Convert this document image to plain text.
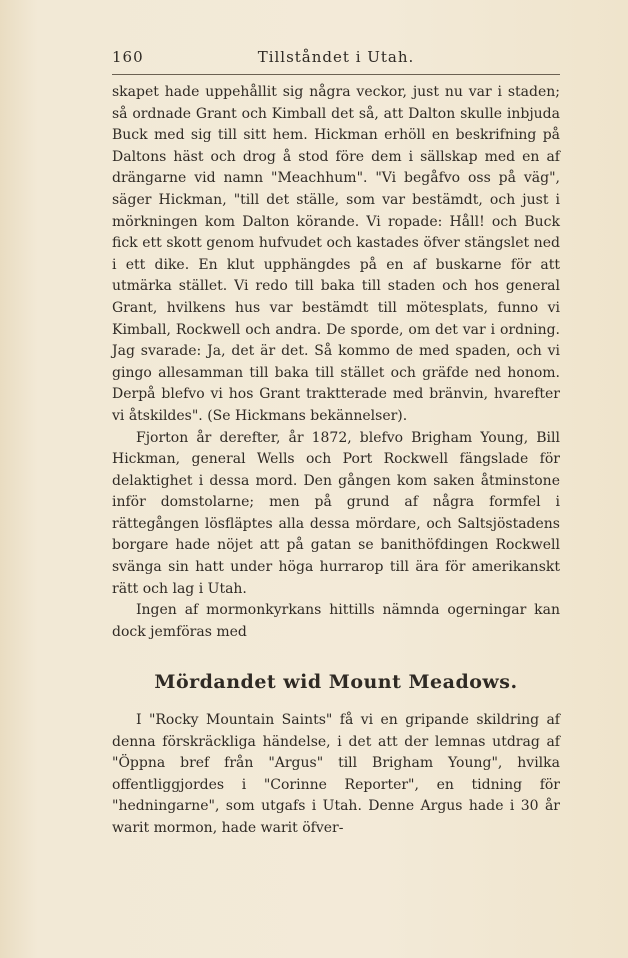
160	Tillståndet i Utah.

skapet hade uppehållit sig några veckor, just nu var i staden; så ordnade Grant och Kimball det så, att Dalton skulle inbjuda Buck med sig till sitt hem. Hickman erhöll en beskrifning på Daltons häst och drog å stod före dem i sällskap med en af drängarne vid namn "Meachhum". "Vi begåfvo oss på väg", säger Hickman, "till det ställe, som var bestämdt, och just i mörkningen kom Dalton körande. Vi ropade: Håll! och Buck fick ett skott genom hufvudet och kastades öfver stängslet ned i ett dike. En klut upphängdes på en af buskarne för att utmärka stället. Vi redo till baka till staden och hos general Grant, hvilkens hus var bestämdt till mötesplats, funno vi Kimball, Rockwell och andra. De sporde, om det var i ordning. Jag svarade: Ja, det är det. Så kommo de med spaden, och vi gingo allesamman till baka till stället och gräfde ned honom. Derpå blefvo vi hos Grant traktterade med bränvin, hvarefter vi åtskildes". (Se Hickmans bekännelser).

Fjorton år derefter, år 1872, blefvo Brigham Young, Bill Hickman, general Wells och Port Rockwell fängslade för delaktighet i dessa mord. Den gången kom saken åtminstone inför domstolarne; men på grund af några formfel i rättegången lösfläptes alla dessa mördare, och Saltsjöstadens borgare hade nöjet att på gatan se banithöfdingen Rockwell svänga sin hatt under höga hurrarop till ära för amerikanskt rätt och lag i Utah.

Ingen af mormonkyrkans hittills nämnda ogerningar kan dock jemföras med

Mördandet wid Mount Meadows.

I "Rocky Mountain Saints" få vi en gripande skildring af denna förskräckliga händelse, i det att der lemnas utdrag af "Öppna bref från "Argus" till Brigham Young", hvilka offentliggjordes i "Corinne Reporter", en tidning för "hedningarne", som utgafs i Utah. Denne Argus hade i 30 år warit mormon, hade warit öfver-
